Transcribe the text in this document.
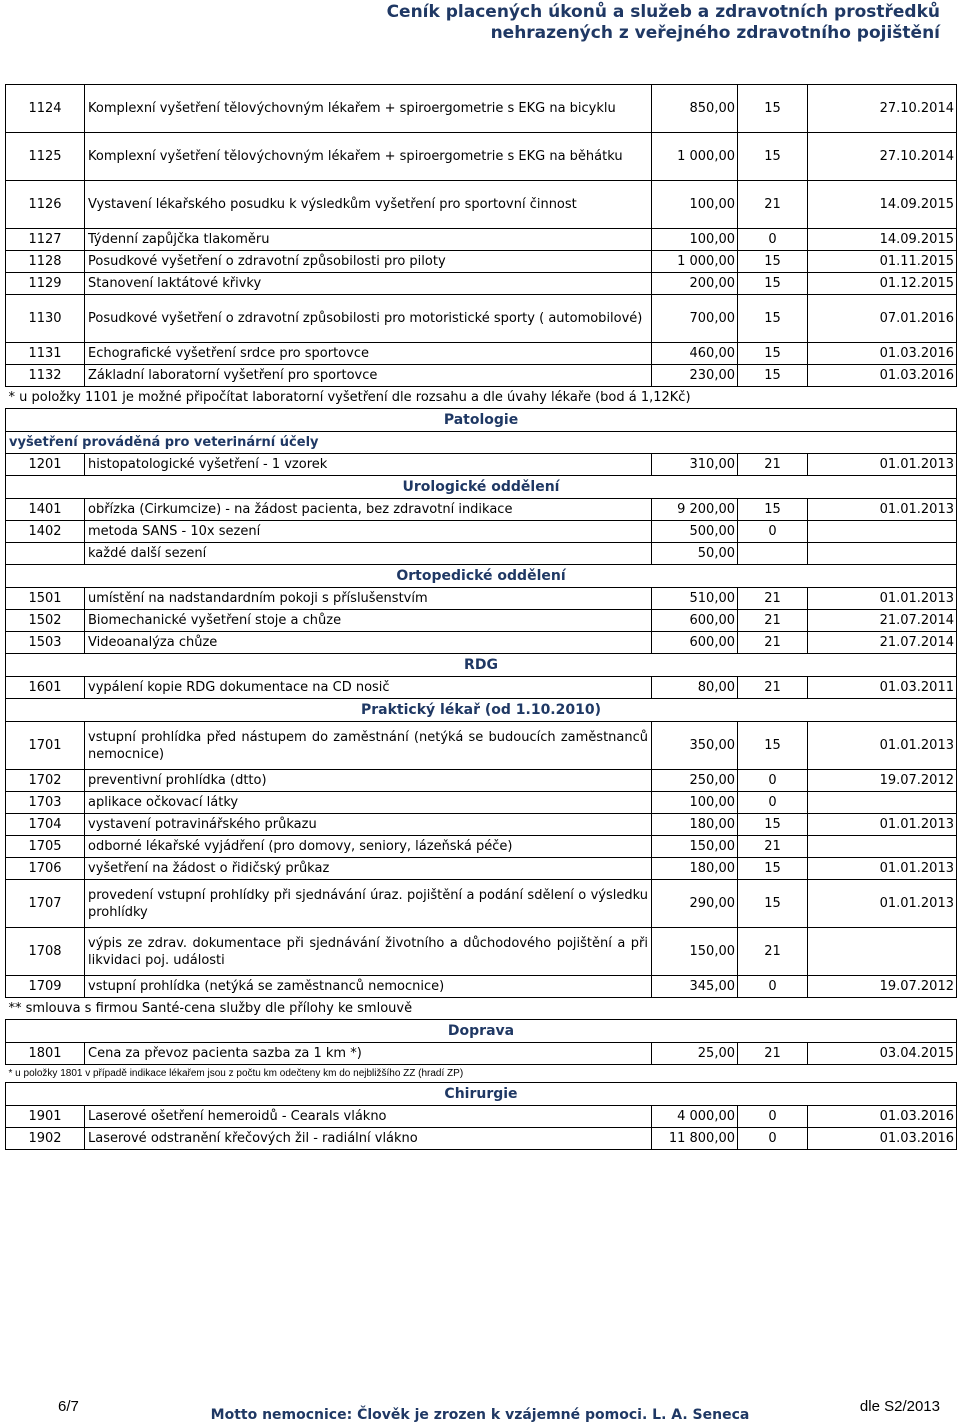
Ceník placených úkonů a služeb a zdravotních prostředků
nehrazených z veřejného zdravotního pojištění
1124	Komplexní vyšetření tělovýchovným lékařem + spiroergometrie s EKG na bicyklu	850,00	15	27.10.2014
1125	Komplexní vyšetření tělovýchovným lékařem + spiroergometrie s EKG na běhátku	1 000,00	15	27.10.2014
1126	Vystavení lékařského posudku k výsledkům vyšetření pro sportovní činnost	100,00	21	14.09.2015
1127	Týdenní zapůjčka tlakoměru	100,00	0	14.09.2015
1128	Posudkové vyšetření o zdravotní způsobilosti pro piloty	1 000,00	15	01.11.2015
1129	Stanovení laktátové křivky	200,00	15	01.12.2015
1130	Posudkové vyšetření o zdravotní způsobilosti pro motoristické sporty ( automobilové)	700,00	15	07.01.2016
1131	Echografické vyšetření srdce pro sportovce	460,00	15	01.03.2016
1132	Základní laboratorní vyšetření pro sportovce	230,00	15	01.03.2016
* u položky 1101 je možné připočítat laboratorní vyšetření dle rozsahu a dle úvahy lékaře (bod á 1,12Kč)				
Patologie				
vyšetření prováděná pro veterinární účely				
1201	histopatologické vyšetření - 1 vzorek	310,00	21	01.01.2013
Urologické oddělení				
1401	obřízka (Cirkumcize) - na žádost pacienta, bez zdravotní indikace	9 200,00	15	01.01.2013
1402	metoda SANS - 10x sezení	500,00	0	
	každé další sezení	50,00		
Ortopedické oddělení				
1501	umístění na nadstandardním pokoji s příslušenstvím	510,00	21	01.01.2013
1502	Biomechanické vyšetření stoje a chůze	600,00	21	21.07.2014
1503	Videoanalýza chůze	600,00	21	21.07.2014
RDG				
1601	vypálení kopie RDG dokumentace na CD nosič	80,00	21	01.03.2011
Praktický lékař (od 1.10.2010)				
1701	vstupní prohlídka před nástupem do zaměstnání (netýká se budoucích zaměstnanců nemocnice)	350,00	15	01.01.2013
1702	preventivní prohlídka (dtto)	250,00	0	19.07.2012
1703	aplikace očkovací látky	100,00	0	
1704	vystavení potravinářského průkazu	180,00	15	01.01.2013
1705	odborné lékařské vyjádření (pro domovy, seniory, lázeňská péče)	150,00	21	
1706	vyšetření na žádost o řidičský průkaz	180,00	15	01.01.2013
1707	provedení vstupní prohlídky při sjednávání úraz. pojištění a podání sdělení o výsledku prohlídky	290,00	15	01.01.2013
1708	výpis ze zdrav. dokumentace při sjednávání životního a důchodového pojištění a při likvidaci poj. události	150,00	21	
1709	vstupní prohlídka (netýká se zaměstnanců nemocnice)	345,00	0	19.07.2012
** smlouva s firmou Santé-cena služby dle přílohy ke smlouvě				
Doprava				
1801	Cena za převoz pacienta sazba za 1 km *)	25,00	21	03.04.2015
* u položky 1801 v případě indikace lékařem jsou z počtu km odečteny km do nejbližšího ZZ (hradí ZP)				
Chirurgie				
1901	Laserové ošetření hemeroidů - Cearals vlákno	4 000,00	0	01.03.2016
1902	Laserové odstranění křečových žil - radiální vlákno	11 800,00	0	01.03.2016
6/7	Motto nemocnice: Člověk je zrozen k vzájemné pomoci. L. A. Seneca	dle S2/2013
